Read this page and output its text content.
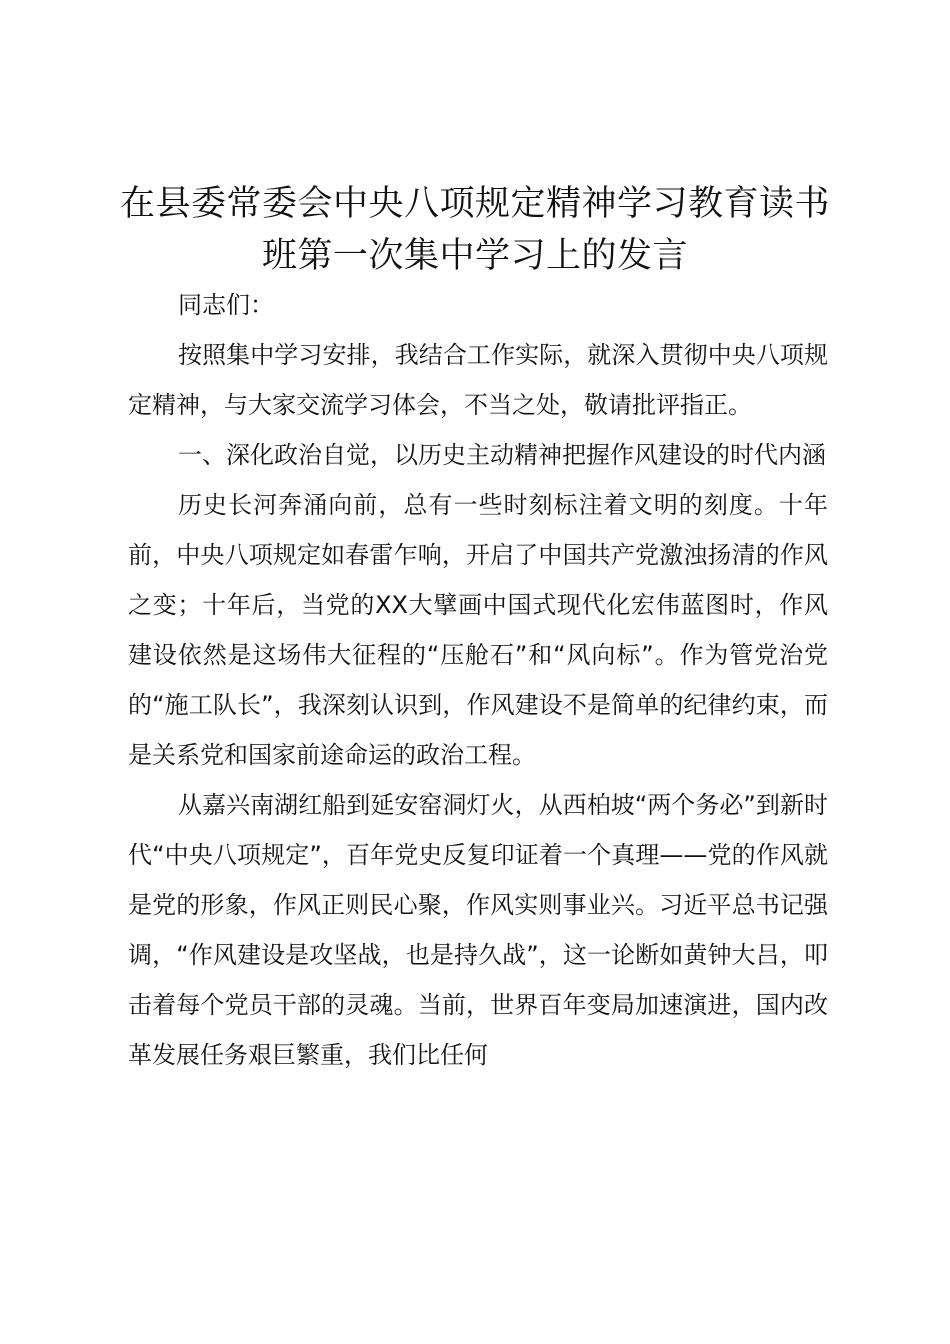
在县委常委会中央八项规定精神学习教育读书
班第一次集中学习上的发言

同志们：

按照集中学习安排，我结合工作实际，就深入贯彻中央八项规定精神，与大家交流学习体会，不当之处，敬请批评指正。

一、深化政治自觉，以历史主动精神把握作风建设的时代内涵

历史长河奔涌向前，总有一些时刻标注着文明的刻度。十年前，中央八项规定如春雷乍响，开启了中国共产党激浊扬清的作风之变；十年后，当党的XX大擘画中国式现代化宏伟蓝图时，作风建设依然是这场伟大征程的“压舱石”和“风向标”。作为管党治党的“施工队长”，我深刻认识到，作风建设不是简单的纪律约束，而是关系党和国家前途命运的政治工程。

从嘉兴南湖红船到延安窑洞灯火，从西柏坡“两个务必”到新时代“中央八项规定”，百年党史反复印证着一个真理——党的作风就是党的形象，作风正则民心聚，作风实则事业兴。习近平总书记强调，“作风建设是攻坚战，也是持久战”，这一论断如黄钟大吕，叩击着每个党员干部的灵魂。当前，世界百年变局加速演进，国内改革发展任务艰巨繁重，我们比任何
